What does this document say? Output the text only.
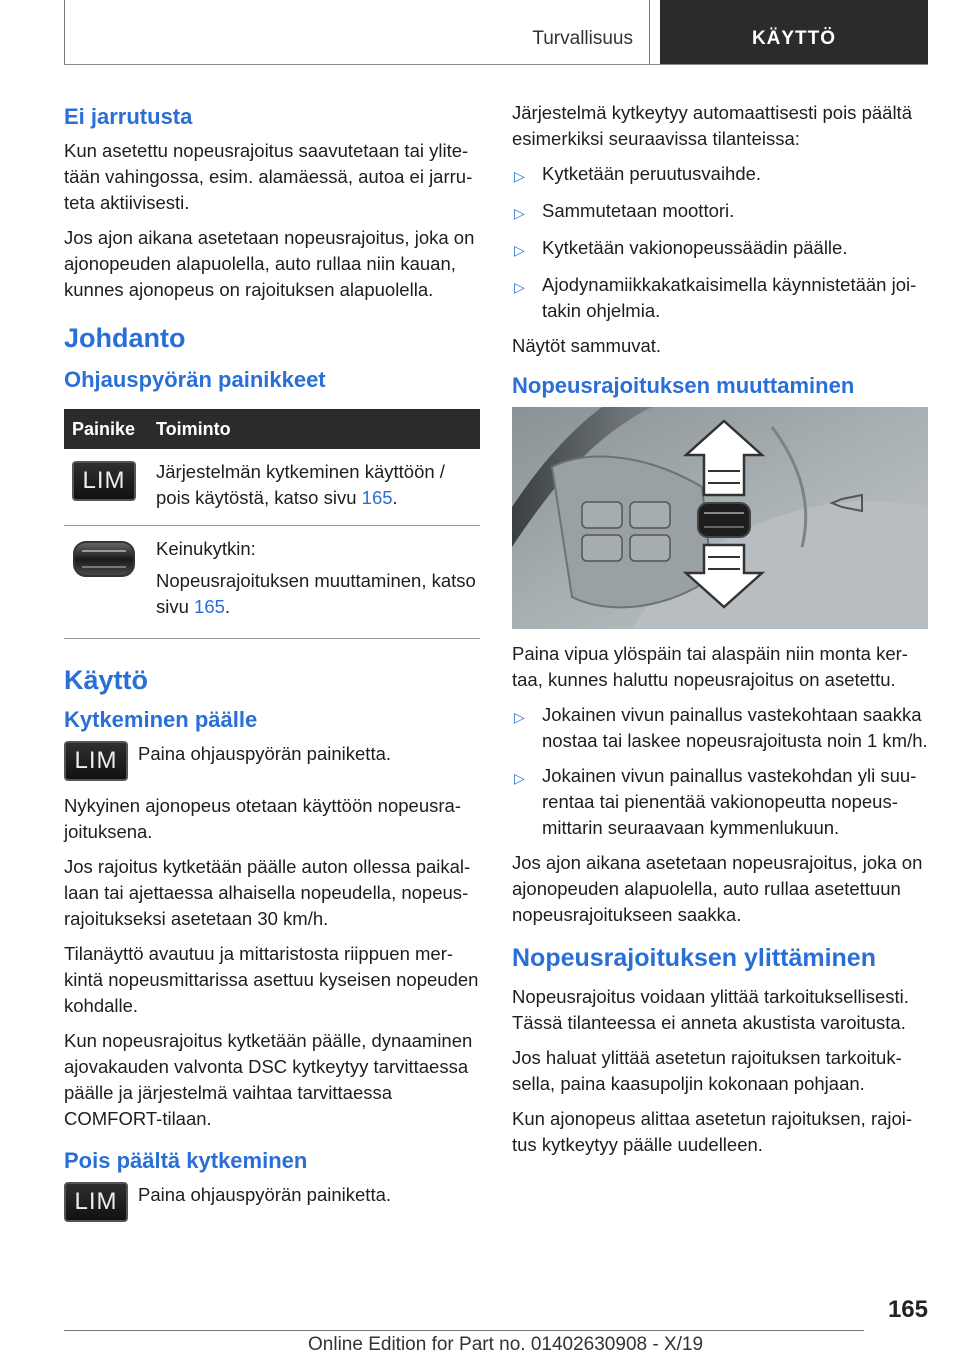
Turvallisuus	KÄYTTÖ
Ei jarrutusta

Kun asetettu nopeusrajoitus saavutetaan tai ylitetään vahingossa, esim. alamäessä, autoa ei jarruteta aktiivisesti.

Jos ajon aikana asetetaan nopeusrajoitus, joka on ajonopeuden alapuolella, auto rullaa niin kauan, kunnes ajonopeus on rajoituksen alapuolella.

Johdanto
Ohjauspyörän painikkeet
Painike	Toiminto
LIM	Järjestelmän kytkeminen käyttöön / pois käytöstä, katso sivu 165.

Keinukytkin:

Nopeusrajoituksen muuttaminen, katso sivu 165.

Käyttö
Kytkeminen päälle
LIM	Paina ohjauspyörän painiketta.

Nykyinen ajonopeus otetaan käyttöön nopeusrajoituksena.

Jos rajoitus kytketään päälle auton ollessa paikallaan tai ajettaessa alhaisella nopeudella, nopeusrajoitukseksi asetetaan 30 km/h.

Tilanäyttö avautuu ja mittaristosta riippuen merkintä nopeusmittarissa asettuu kyseisen nopeuden kohdalle.

Kun nopeusrajoitus kytketään päälle, dynaaminen ajovakauden valvonta DSC kytkeytyy tarvittaessa päälle ja järjestelmä vaihtaa tarvittaessa COMFORT-tilaan.

Pois päältä kytkeminen
LIM	Paina ohjauspyörän painiketta.

Järjestelmä kytkeytyy automaattisesti pois päältä esimerkiksi seuraavissa tilanteissa:

▷ Kytketään peruutusvaihde.
▷ Sammutetaan moottori.
▷ Kytketään vakionopeussäädin päälle.
▷ Ajodynamiikkakatkaisimella käynnistetään joitakin ohjelmia.

Näytöt sammuvat.

Nopeusrajoituksen muuttaminen

Paina vipua ylöspäin tai alaspäin niin monta kertaa, kunnes haluttu nopeusrajoitus on asetettu.

▷ Jokainen vivun painallus vastekohtaan saakka nostaa tai laskee nopeusrajoitusta noin 1 km/h.
▷ Jokainen vivun painallus vastekohdan yli suurentaa tai pienentää vakionopeutta nopeusmittarin seuraavaan kymmenlukuun.

Jos ajon aikana asetetaan nopeusrajoitus, joka on ajonopeuden alapuolella, auto rullaa asetettuun nopeusrajoitukseen saakka.

Nopeusrajoituksen ylittäminen

Nopeusrajoitus voidaan ylittää tarkoituksellisesti. Tässä tilanteessa ei anneta akustista varoitusta.

Jos haluat ylittää asetetun rajoituksen tarkoituksella, paina kaasupoljin kokonaan pohjaan.

Kun ajonopeus alittaa asetetun rajoituksen, rajoitus kytkeytyy päälle uudelleen.

165
Online Edition for Part no. 01402630908 - X/19
